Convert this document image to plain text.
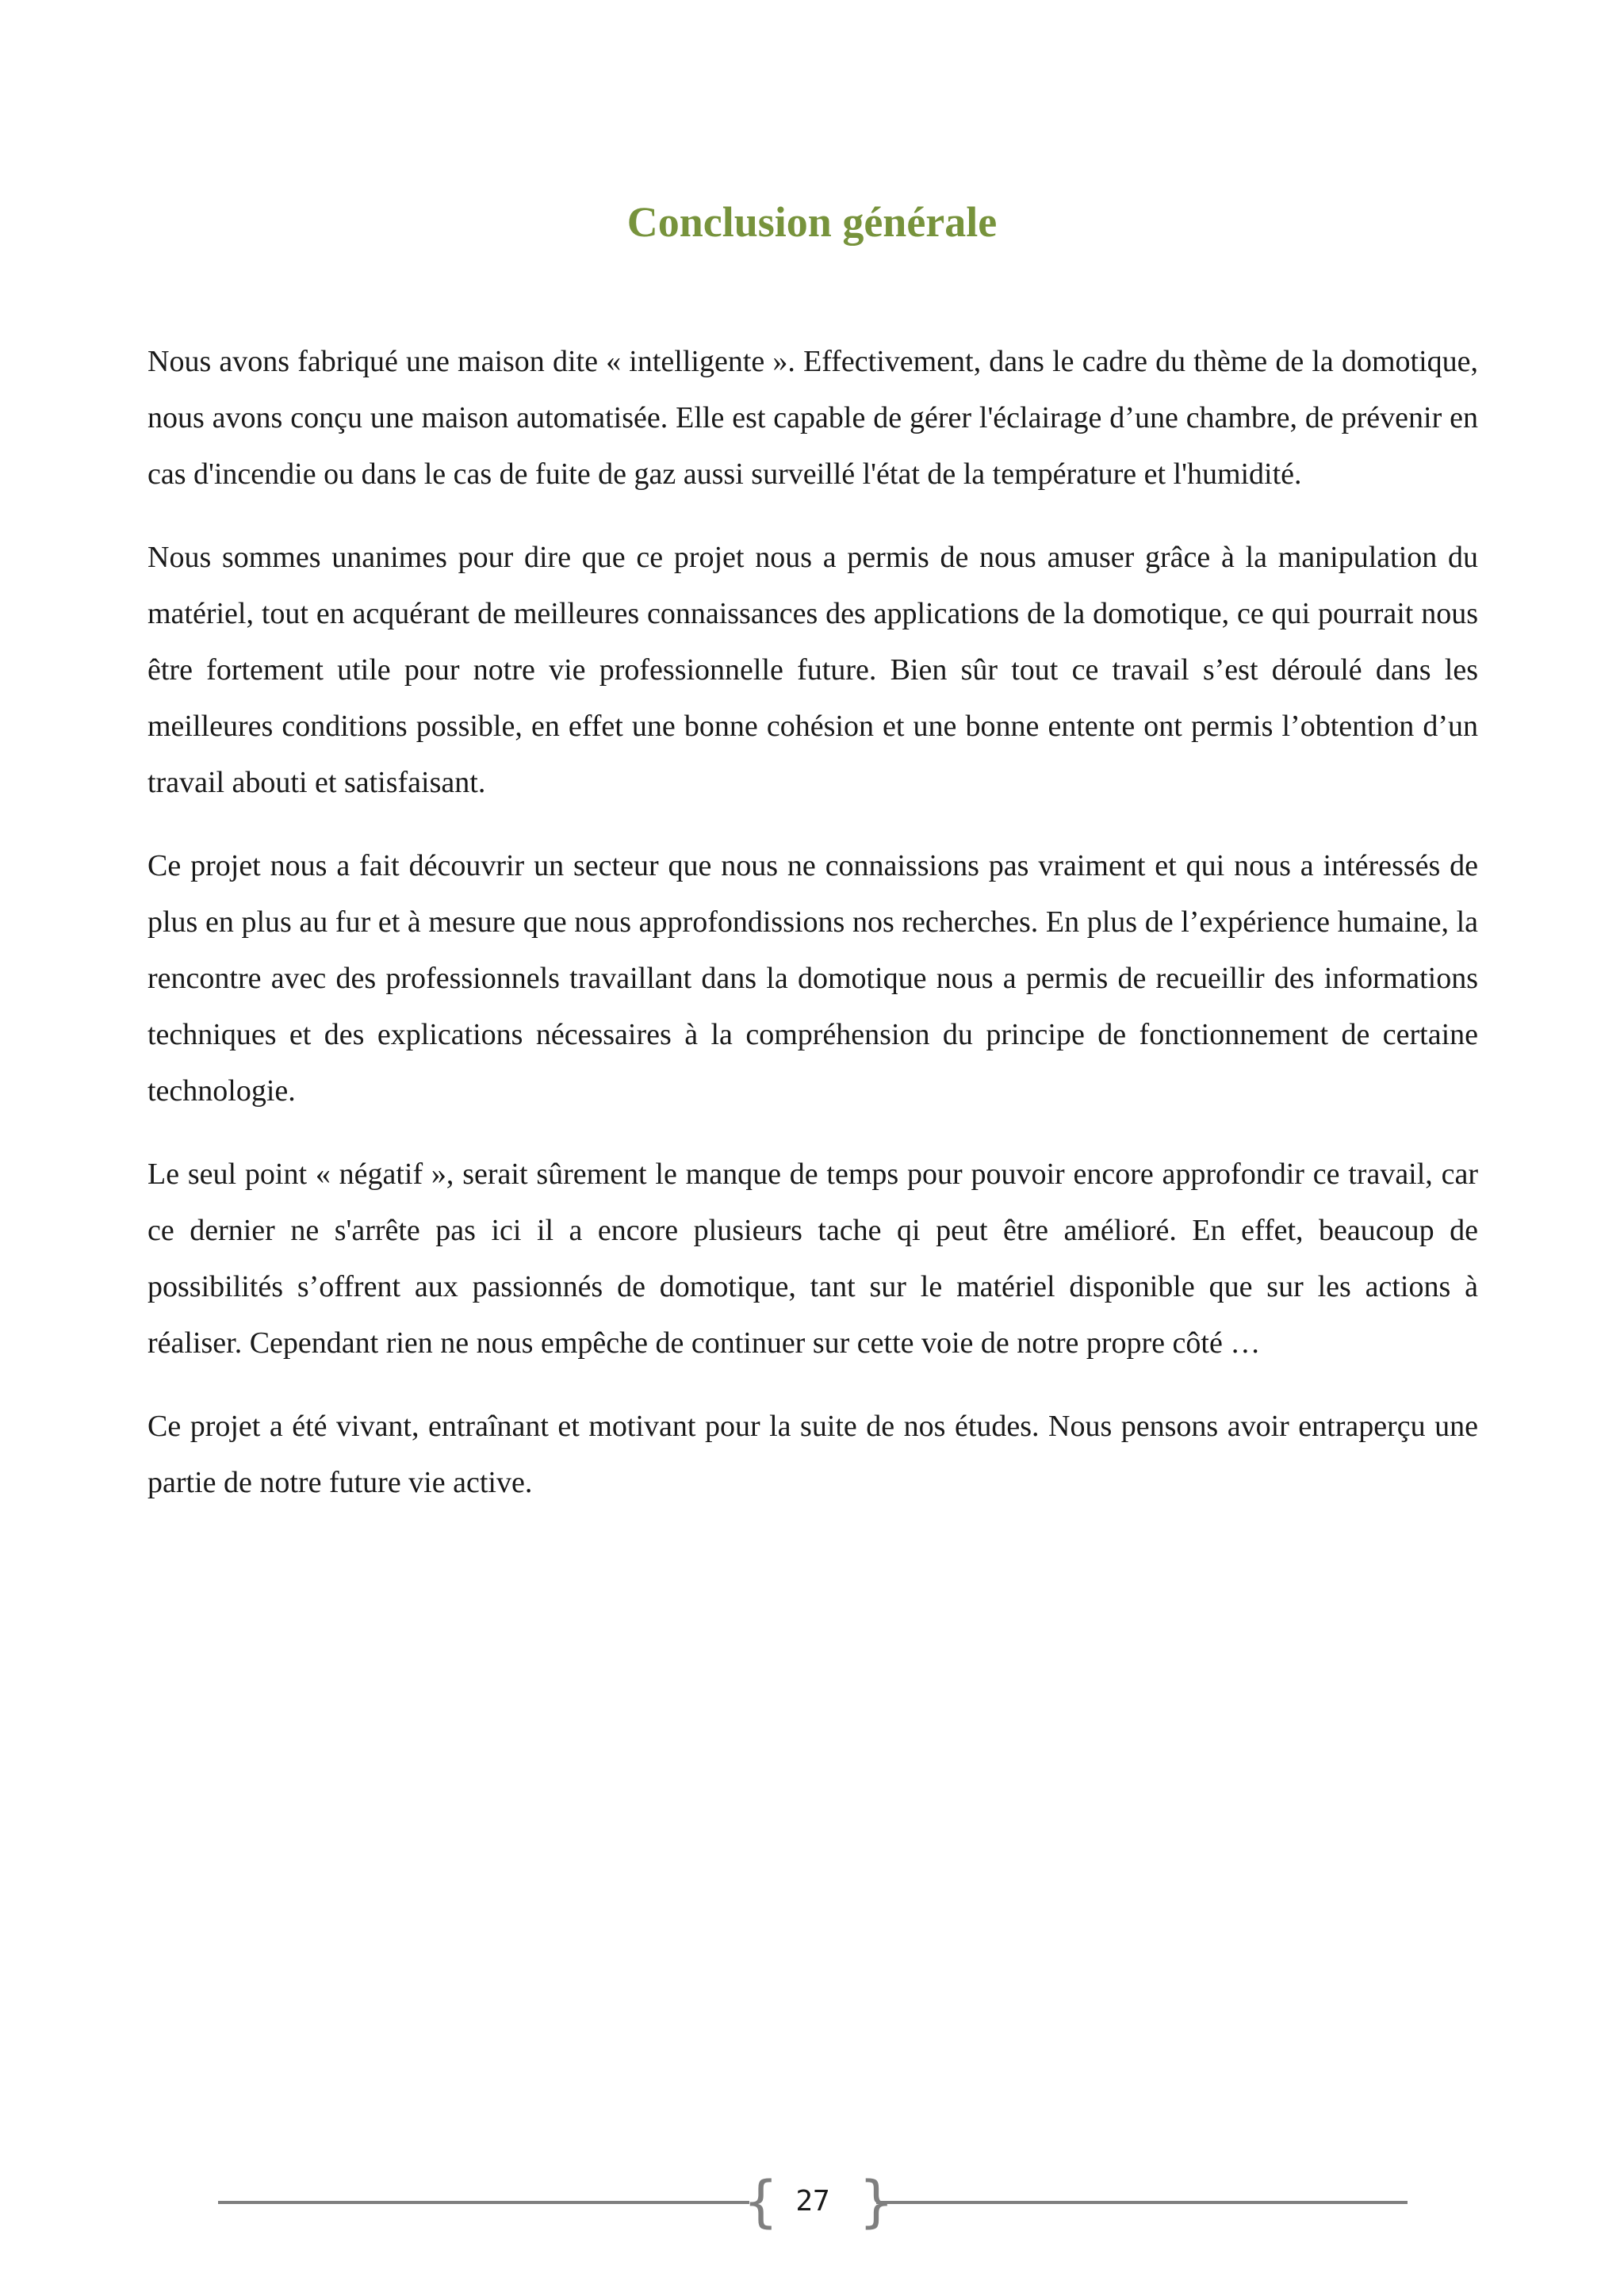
Conclusion générale

Nous avons fabriqué une maison dite « intelligente ». Effectivement, dans le cadre du thème de la domotique, nous avons conçu une maison automatisée. Elle est capable de gérer l'éclairage d’une chambre, de prévenir en cas d'incendie ou dans le cas de fuite de gaz aussi surveillé l'état de la température et l'humidité.

Nous sommes unanimes pour dire que ce projet nous a permis de nous amuser grâce à la manipulation du matériel, tout en acquérant de meilleures connaissances des applications de la domotique, ce qui pourrait nous être fortement utile pour notre vie professionnelle future. Bien sûr tout ce travail s’est déroulé dans les meilleures conditions possible, en effet une bonne cohésion et une bonne entente ont permis l’obtention d’un travail abouti et satisfaisant.

Ce projet nous a fait découvrir un secteur que nous ne connaissions pas vraiment et qui nous a intéressés de plus en plus au fur et à mesure que nous approfondissions nos recherches. En plus de l’expérience humaine, la rencontre avec des professionnels travaillant dans la domotique nous a permis de recueillir des informations techniques et des explications nécessaires à la compréhension du principe de fonctionnement de certaine technologie.

Le seul point « négatif », serait sûrement le manque de temps pour pouvoir encore approfondir ce travail, car ce dernier ne s'arrête pas ici il a encore plusieurs tache qi peut être amélioré. En effet, beaucoup de possibilités s’offrent aux passionnés de domotique, tant sur le matériel disponible que sur les actions à réaliser. Cependant rien ne nous empêche de continuer sur cette voie de notre propre côté …

Ce projet a été vivant, entraînant et motivant pour la suite de nos études. Nous pensons avoir entraperçu une partie de notre future vie active.

{ 27 }
